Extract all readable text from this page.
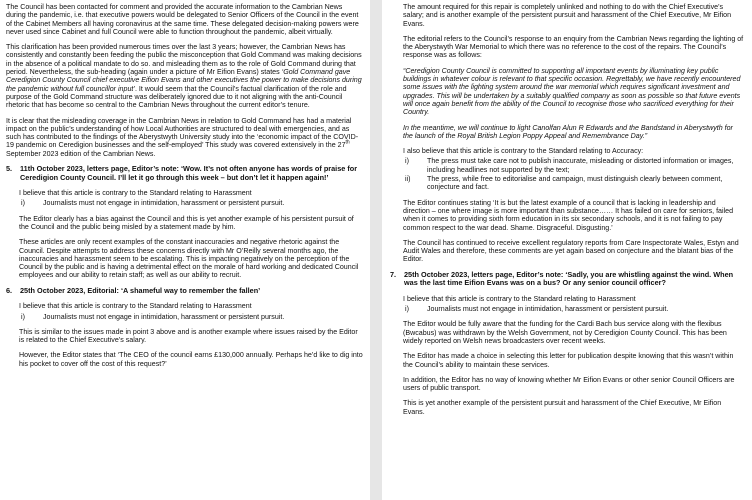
The Council has been contacted for comment and provided the accurate information to the Cambrian News during the pandemic, i.e. that executive powers would be delegated to Senior Officers of the Council in the event of the Cabinet Members all having coronavirus at the same time. These delegated decision-making powers were never used since Cabinet and full Council were able to function throughout the pandemic, albeit virtually.

This clarification has been provided numerous times over the last 3 years; however, the Cambrian News has consistently and constantly been feeding the public the misconception that Gold Command was making decisions in the absence of a political mandate to do so. and misleading them as to the role of Gold Command during that period. Nevertheless, the sub-heading (again under a picture of Mr Eifion Evans) states ‘Gold Command gave Ceredigion County Council chief executive Eifion Evans and other executives the power to make decisions during the pandemic without full councillor input’. It would seem that the Council’s factual clarification of the role and purpose of the Gold Command structure was deliberately ignored due to it not aligning with the anti-Council rhetoric that has become so central to the Cambrian News throughout the current editor’s tenure.

It is clear that the misleading coverage in the Cambrian News in relation to Gold Command has had a material impact on the public’s understanding of how Local Authorities are structured to deal with emergencies, and as such has contributed to the findings of the Aberystwyth University study into the ‘economic impact of the COVID-19 pandemic on Ceredigion businesses and the self-employed’ This study was covered extensively in the 27th September 2023 edition of the Cambrian News.

5.	11th October 2023, letters page, Editor’s note: ‘Wow. It’s not often anyone has words of praise for Ceredigion County Council. I’ll let it go through this week – but don’t let it happen again!’

I believe that this article is contrary to the Standard relating to Harassment

i)	Journalists must not engage in intimidation, harassment or persistent pursuit.

The Editor clearly has a bias against the Council and this is yet another example of his persistent pursuit of the Council and the public being misled by a statement made by him.

These articles are only recent examples of the constant inaccuracies and negative rhetoric against the Council. Despite attempts to address these concerns directly with Mr O’Reilly several months ago, the inaccuracies and harassment seem to be escalating. This is impacting negatively on the perception of the Council by the public and is having a detrimental effect on the morale of hard working and dedicated Council employees and our ability to retain staff; as well as our ability to recruit.

6.	25th October 2023, Editorial: ‘A shameful way to remember the fallen’

I believe that this article is contrary to the Standard relating to Harassment

i)	Journalists must not engage in intimidation, harassment or persistent pursuit.

This is similar to the issues made in point 3 above and is another example where issues raised by the Editor is related to the Chief Executive’s salary.

However, the Editor states that ‘The CEO of the council earns £130,000 annually. Perhaps he’d like to dig into his pocket to cover off the cost of this request?’

The amount required for this repair is completely unlinked and nothing to do with the Chief Executive’s salary; and is another example of the persistent pursuit and harassment of the Chief Executive, Mr Eifion Evans.

The editorial refers to the Council’s response to an enquiry from the Cambrian News regarding the lighting of the Aberystwyth War Memorial to which there was no reference to the cost of the repairs. The Council’s response was as follows:

“Ceredigion County Council is committed to supporting all important events by illuminating key public buildings in whatever colour is relevant to that specific occasion. Regrettably, we have recently encountered some issues with the lighting system around the war memorial which requires significant investment and upgrades. This will be undertaken by a suitably qualified company as soon as possible so that future events will once again benefit from the ability of the Council to recognise those who sacrificed everything for their Country.

In the meantime, we will continue to light Canolfan Alun R Edwards and the Bandstand in Aberystwyth for the launch of the Royal British Legion Poppy Appeal and Remembrance Day.”

I also believe that this article is contrary to the Standard relating to Accuracy:

i)	The press must take care not to publish inaccurate, misleading or distorted information or images, including headlines not supported by the text;
ii)	The press, while free to editorialise and campaign, must distinguish clearly between comment, conjecture and fact.

The Editor continues stating ‘It is but the latest example of a council that is lacking in leadership and direction – one where image is more important than substance…… It has failed on care for seniors, failed when it comes to providing sixth form education in its six secondary schools, and it is not failing to pay common respect to the war dead. Shame. Disgraceful. Disgusting.’

The Council has continued to receive excellent regulatory reports from Care Inspectorate Wales, Estyn and Audit Wales and therefore, these comments are yet again based on conjecture and the blatant bias of the Editor.

7.	25th October 2023, letters page, Editor’s note: ‘Sadly, you are whistling against the wind. When was the last time Eifion Evans was on a bus? Or any senior council officer?

I believe that this article is contrary to the Standard relating to Harassment

i)	Journalists must not engage in intimidation, harassment or persistent pursuit.

The Editor would be fully aware that the funding for the Cardi Bach bus service along with the flexibus (Bwcabus) was withdrawn by the Welsh Government, not by Ceredigion County Council. This has been widely reported on Welsh news broadcasters over recent weeks.

The Editor has made a choice in selecting this letter for publication despite knowing that this wasn’t within the Council’s ability to maintain these services.

In addition, the Editor has no way of knowing whether Mr Eifion Evans or other senior Council Officers are users of public transport.

This is yet another example of the persistent pursuit and harassment of the Chief Executive, Mr Eifion Evans.
